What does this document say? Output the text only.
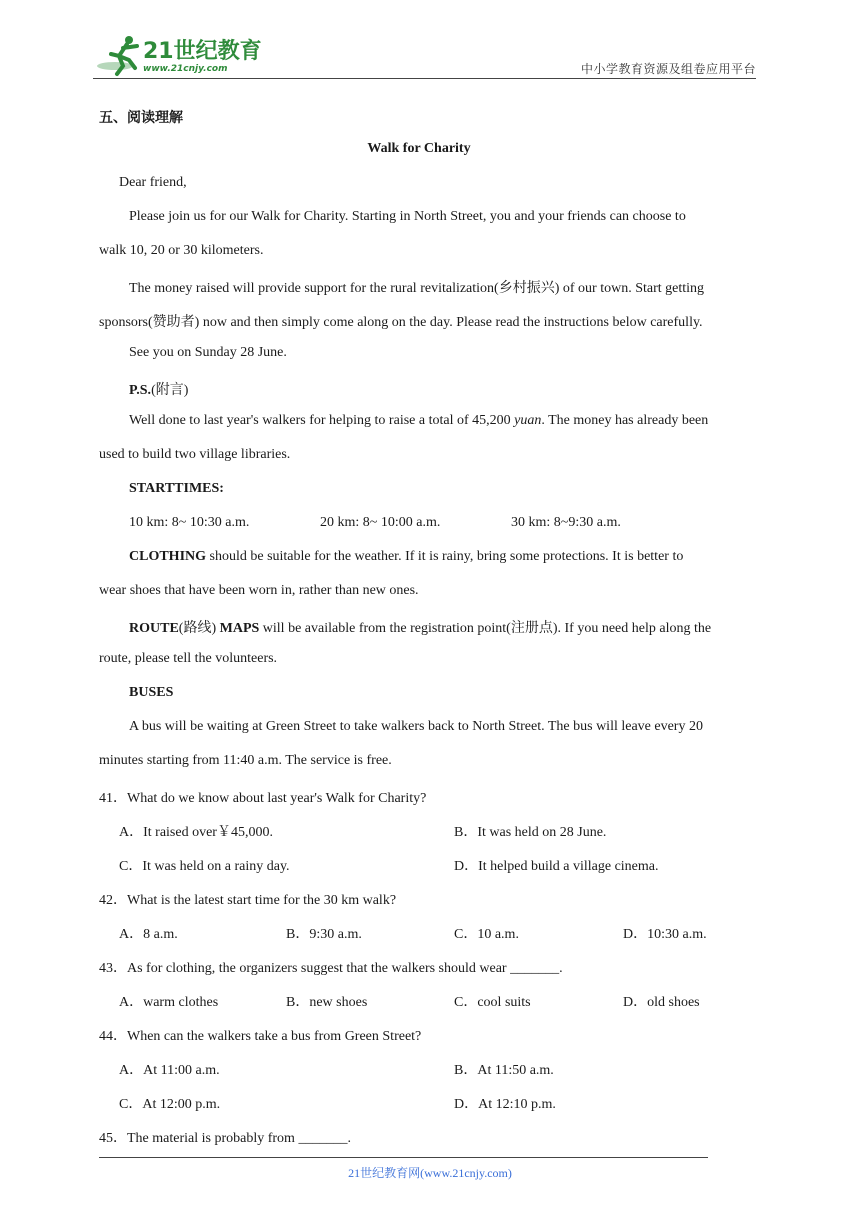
21世纪教育
www.21cnjy.com	中小学教育资源及组卷应用平台
五、阅读理解
Walk for Charity
Dear friend,
Please join us for our Walk for Charity. Starting in North Street, you and your friends can choose to
walk 10, 20 or 30 kilometers.
The money raised will provide support for the rural revitalization(乡村振兴) of our town. Start getting
sponsors(赞助者) now and then simply come along on the day. Please read the instructions below carefully.
See you on Sunday 28 June.
P.S.(附言)
Well done to last year's walkers for helping to raise a total of 45,200 yuan. The money has already been
used to build two village libraries.
STARTTIMES:
10 km: 8~ 10:30 a.m.	20 km: 8~ 10:00 a.m.	30 km: 8~9:30 a.m.
CLOTHING should be suitable for the weather. If it is rainy, bring some protections. It is better to
wear shoes that have been worn in, rather than new ones.
ROUTE(路线) MAPS will be available from the registration point(注册点). If you need help along the
route, please tell the volunteers.
BUSES
A bus will be waiting at Green Street to take walkers back to North Street. The bus will leave every 20
minutes starting from 11:40 a.m. The service is free.
41．What do we know about last year's Walk for Charity?
A．It raised over￥45,000.	B．It was held on 28 June.
C．It was held on a rainy day.	D．It helped build a village cinema.
42．What is the latest start time for the 30 km walk?
A．8 a.m.	B．9:30 a.m.	C．10 a.m.	D．10:30 a.m.
43．As for clothing, the organizers suggest that the walkers should wear _______.
A．warm clothes	B．new shoes	C．cool suits	D．old shoes
44．When can the walkers take a bus from Green Street?
A．At 11:00 a.m.	B．At 11:50 a.m.
C．At 12:00 p.m.	D．At 12:10 p.m.
45．The material is probably from _______.
21世纪教育网(www.21cnjy.com)
